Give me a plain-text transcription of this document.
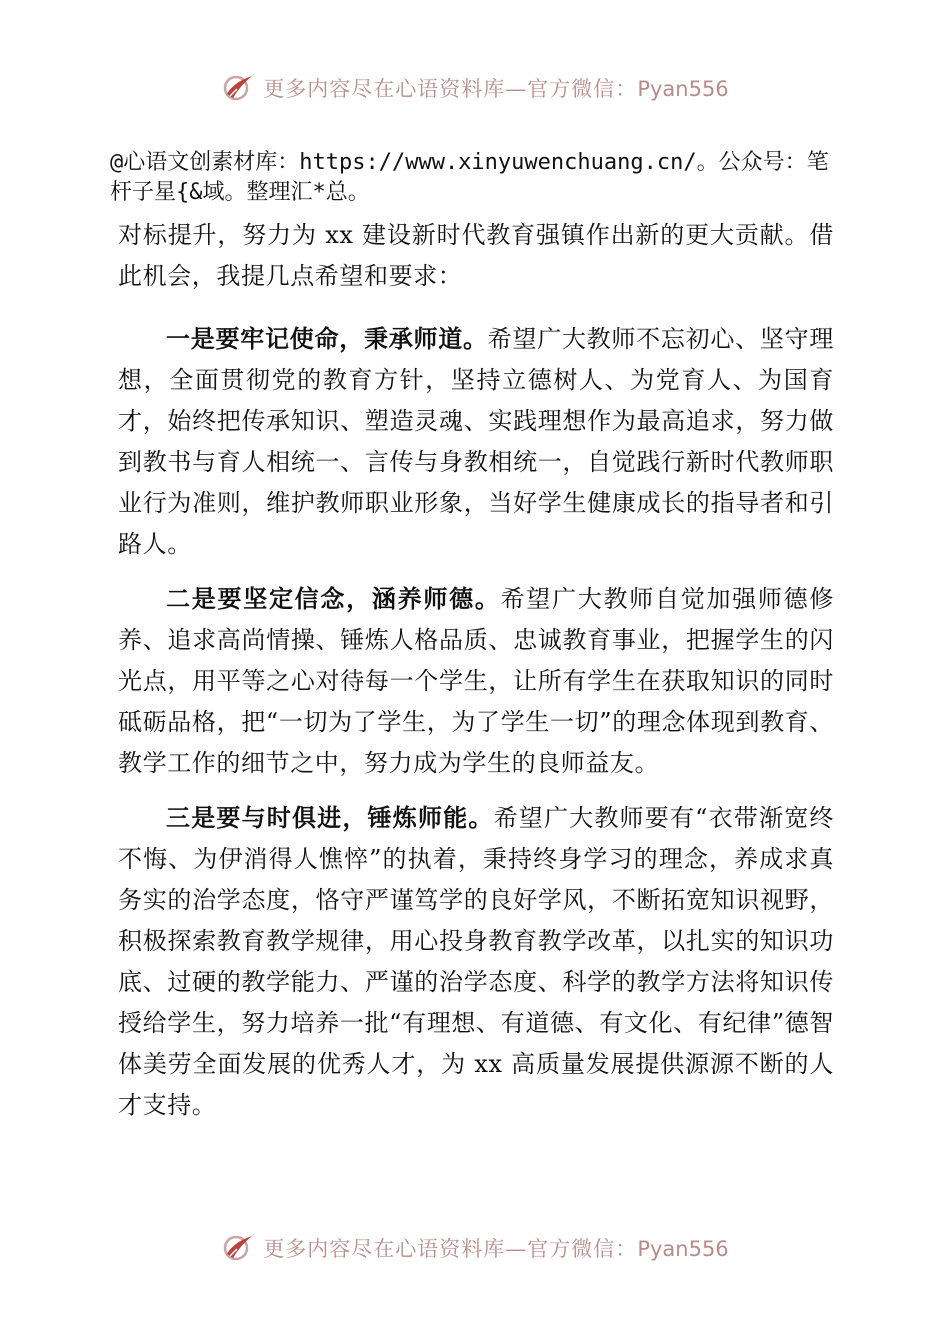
更多内容尽在心语资料库—官方微信：Pyan556
@心语文创素材库：https://www.xinyuwenchuang.cn/。公众号：笔杆子星{&域。整理汇*总。

对标提升，努力为 xx 建设新时代教育强镇作出新的更大贡献。借此机会，我提几点希望和要求：

一是要牢记使命，秉承师道。希望广大教师不忘初心、坚守理想，全面贯彻党的教育方针，坚持立德树人、为党育人、为国育才，始终把传承知识、塑造灵魂、实践理想作为最高追求，努力做到教书与育人相统一、言传与身教相统一，自觉践行新时代教师职业行为准则，维护教师职业形象，当好学生健康成长的指导者和引路人。

二是要坚定信念，涵养师德。希望广大教师自觉加强师德修养、追求高尚情操、锤炼人格品质、忠诚教育事业，把握学生的闪光点，用平等之心对待每一个学生，让所有学生在获取知识的同时砥砺品格，把“一切为了学生，为了学生一切”的理念体现到教育、教学工作的细节之中，努力成为学生的良师益友。

三是要与时俱进，锤炼师能。希望广大教师要有“衣带渐宽终不悔、为伊消得人憔悴”的执着，秉持终身学习的理念，养成求真务实的治学态度，恪守严谨笃学的良好学风，不断拓宽知识视野，积极探索教育教学规律，用心投身教育教学改革，以扎实的知识功底、过硬的教学能力、严谨的治学态度、科学的教学方法将知识传授给学生，努力培养一批“有理想、有道德、有文化、有纪律”德智体美劳全面发展的优秀人才，为 xx 高质量发展提供源源不断的人才支持。

更多内容尽在心语资料库—官方微信：Pyan556
